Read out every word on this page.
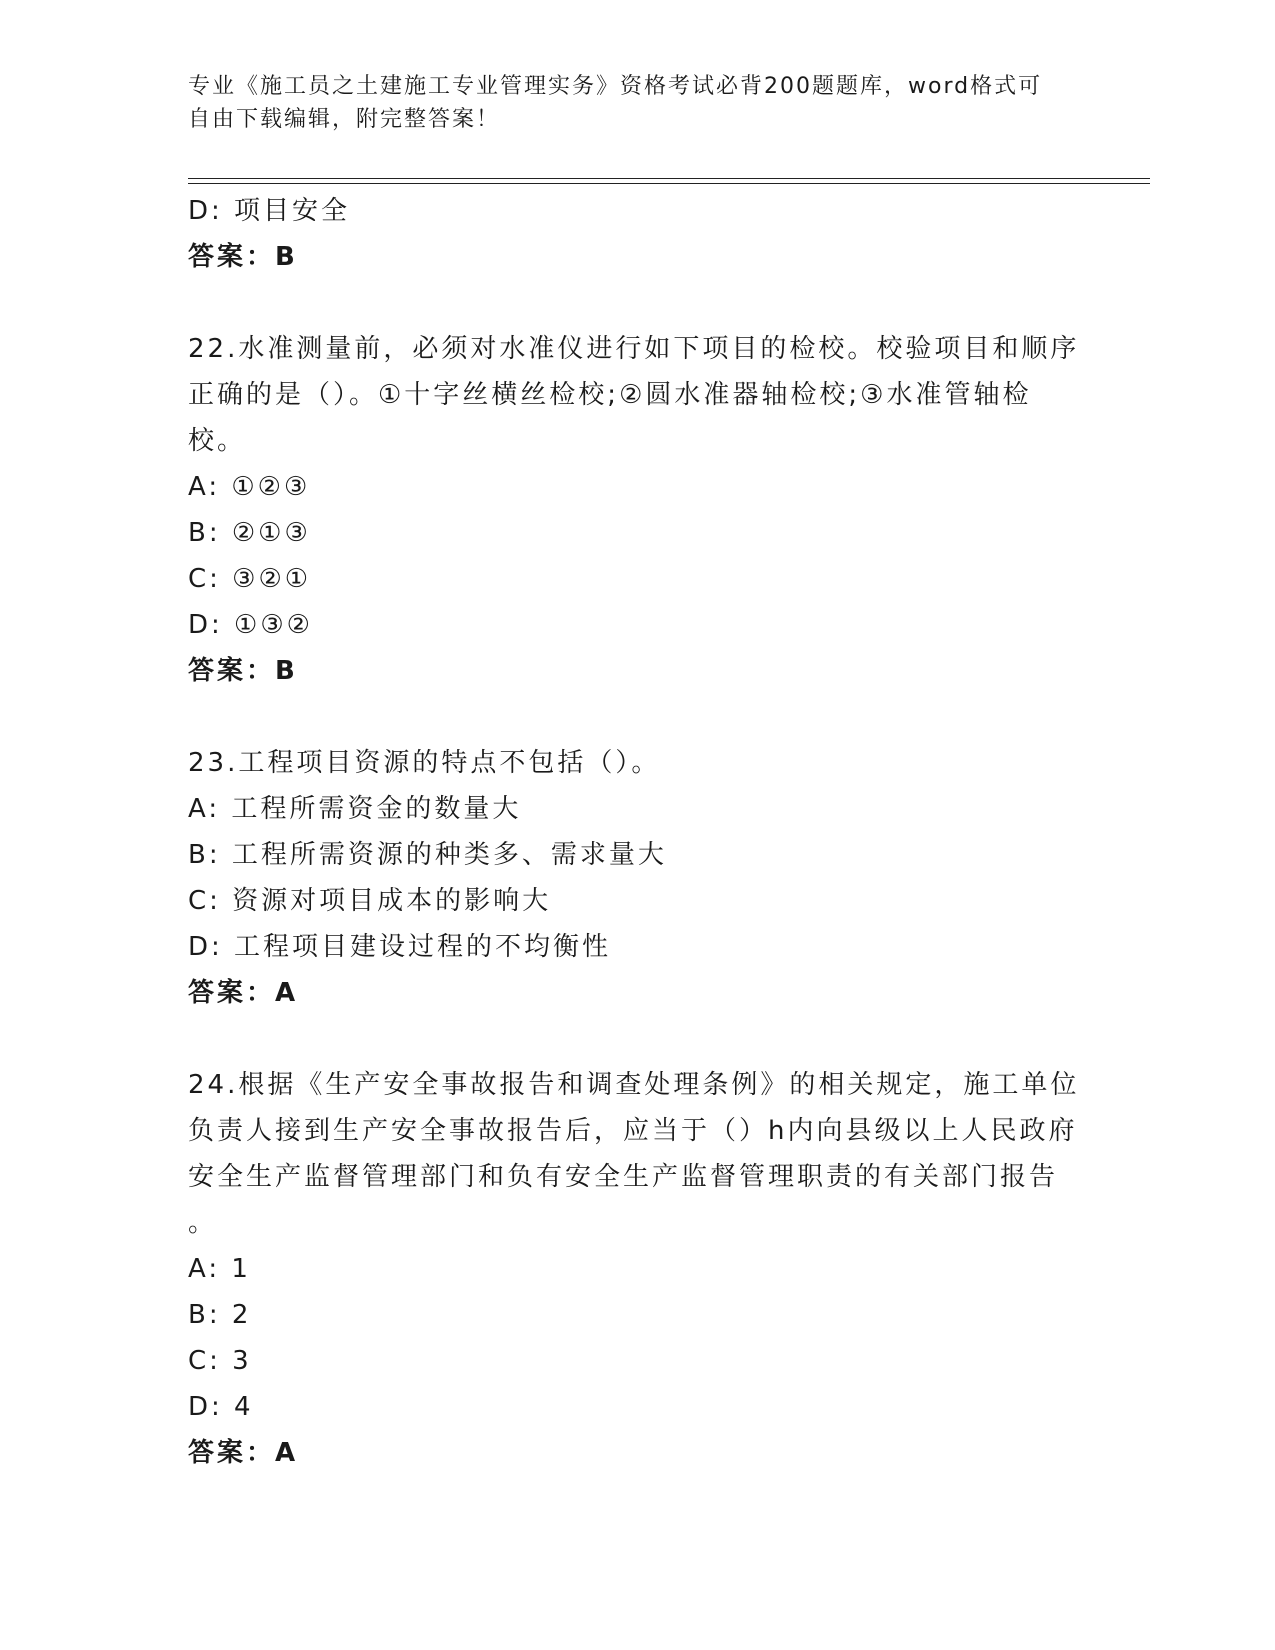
专业《施工员之土建施工专业管理实务》资格考试必背200题题库，word格式可
自由下载编辑，附完整答案！
D: 项目安全
答案：B
22.水准测量前，必须对水准仪进行如下项目的检校。校验项目和顺序
正确的是（）。①十字丝横丝检校;②圆水准器轴检校;③水准管轴检
校。
A: ①②③
B: ②①③
C: ③②①
D: ①③②
答案：B
23.工程项目资源的特点不包括（）。
A: 工程所需资金的数量大
B: 工程所需资源的种类多、需求量大
C: 资源对项目成本的影响大
D: 工程项目建设过程的不均衡性
答案：A
24.根据《生产安全事故报告和调查处理条例》的相关规定，施工单位
负责人接到生产安全事故报告后，应当于（）h内向县级以上人民政府
安全生产监督管理部门和负有安全生产监督管理职责的有关部门报告
。
A: 1
B: 2
C: 3
D: 4
答案：A
